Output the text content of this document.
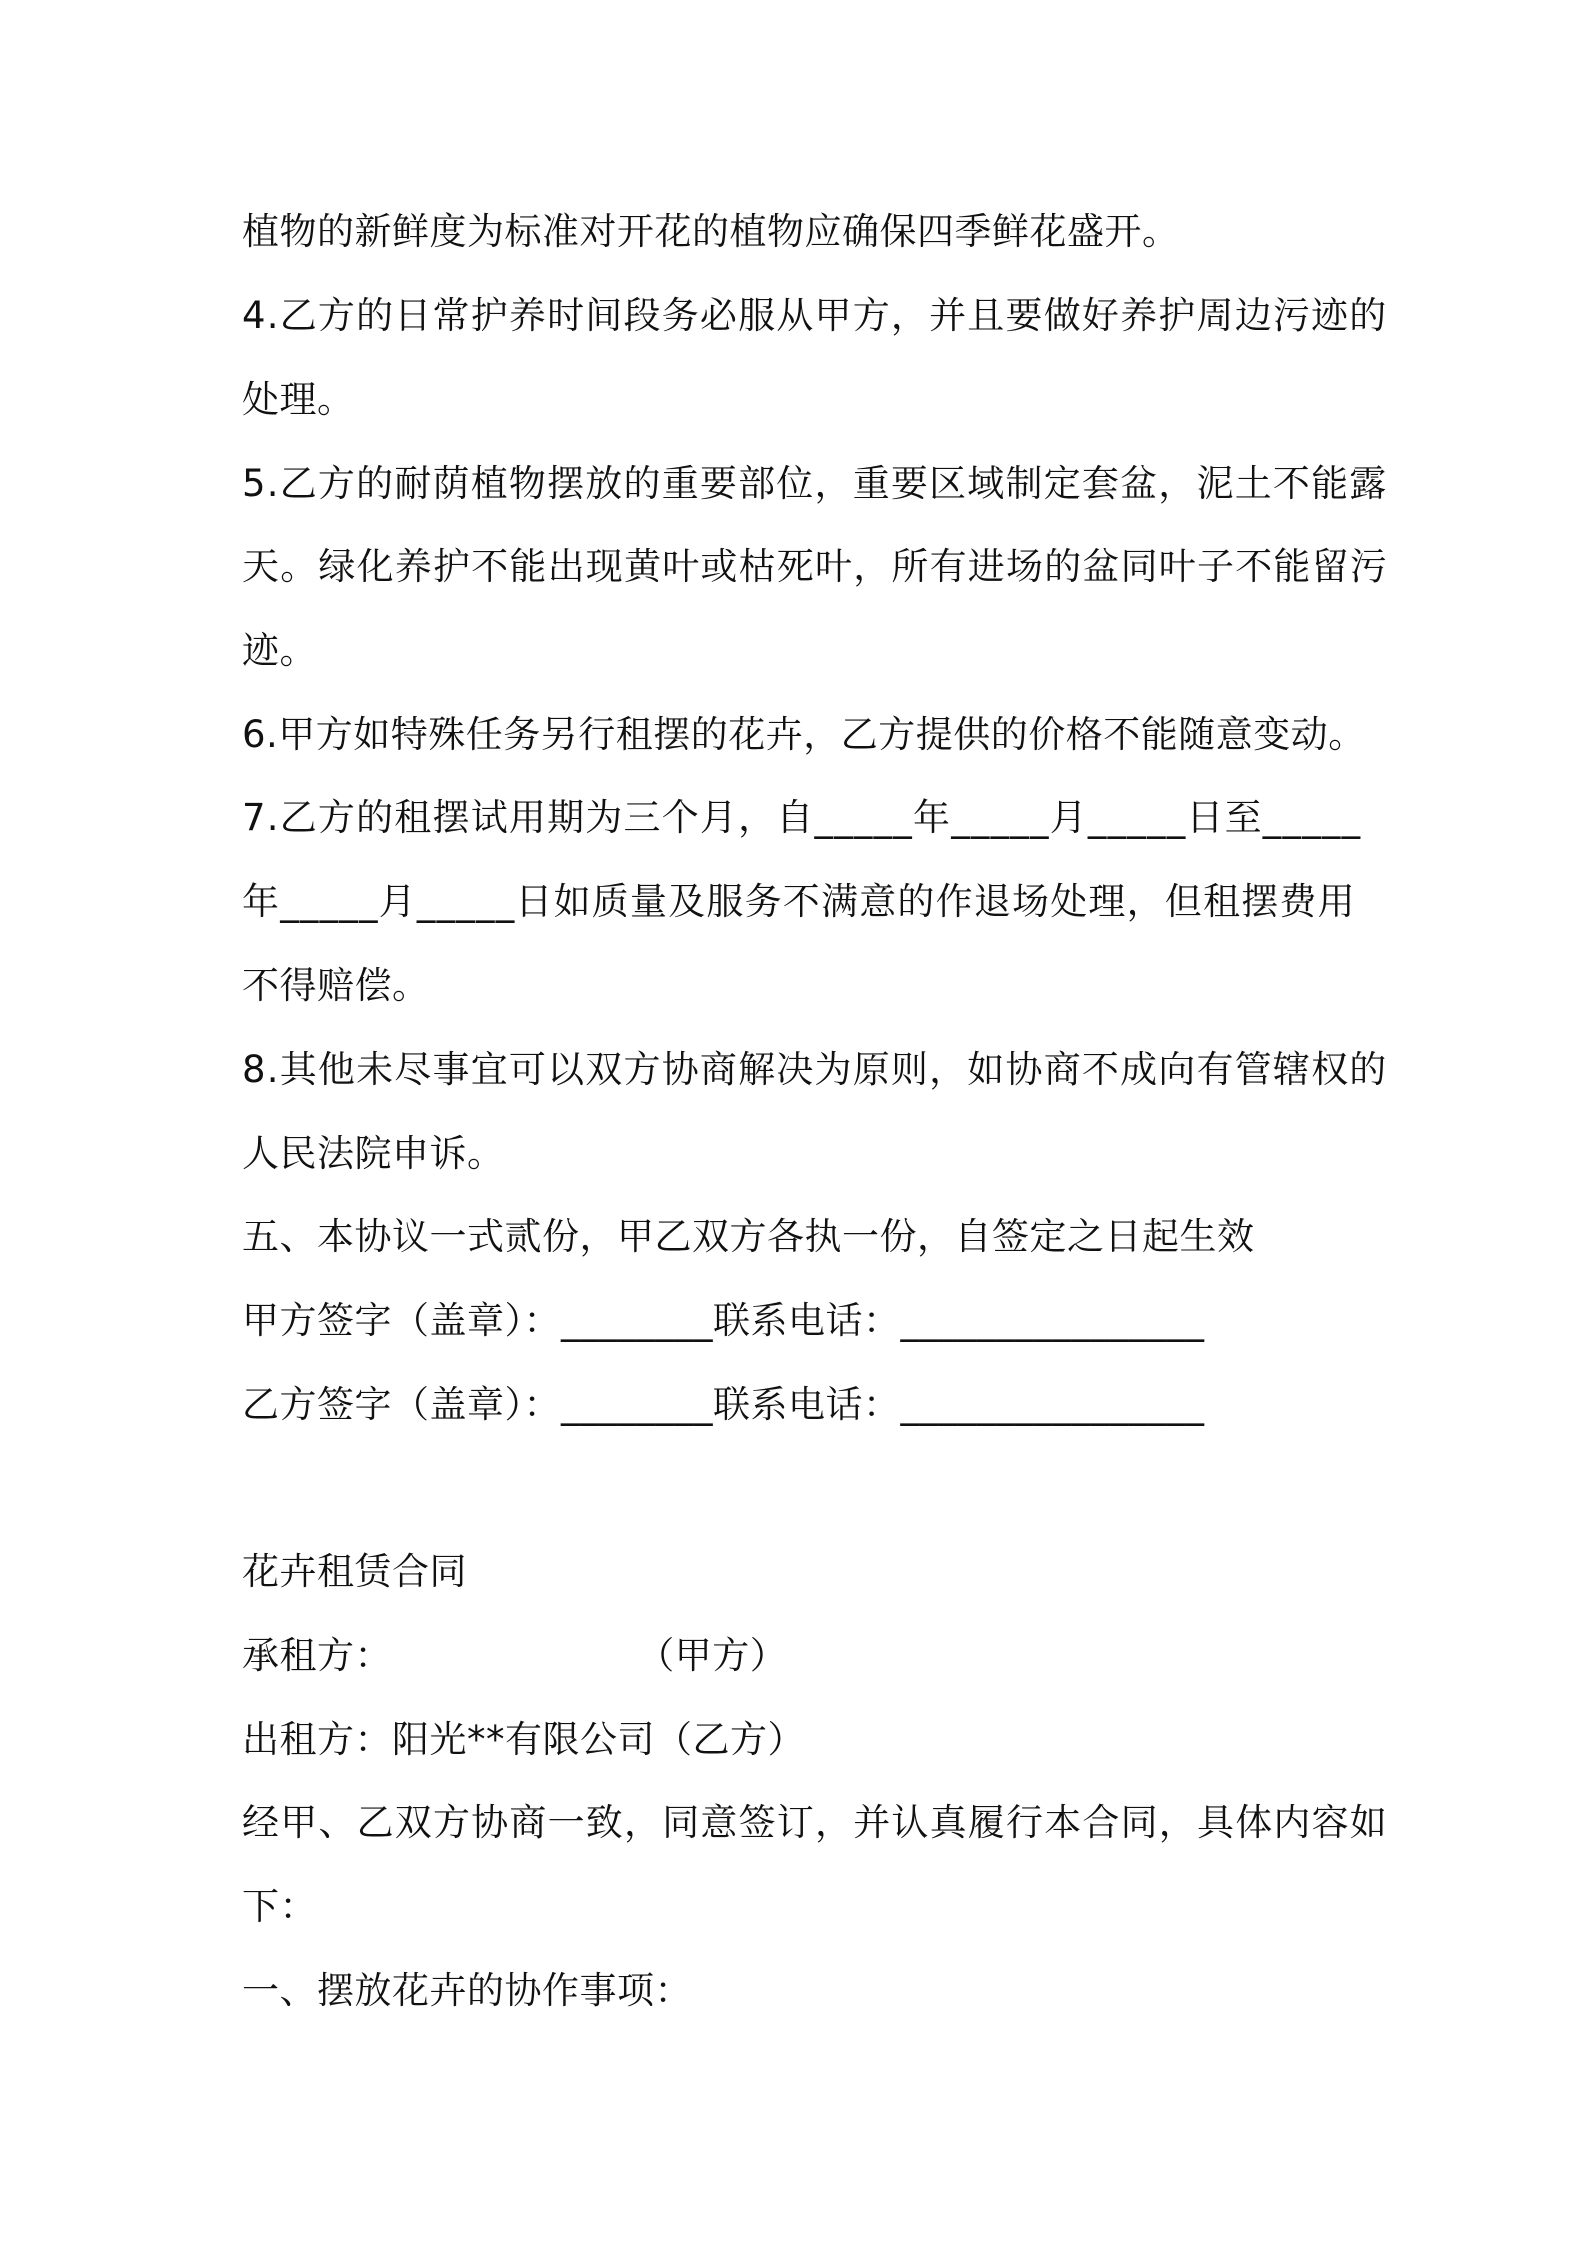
植物的新鲜度为标准对开花的植物应确保四季鲜花盛开。
4.乙方的日常护养时间段务必服从甲方，并且要做好养护周边污迹的
处理。
5.乙方的耐荫植物摆放的重要部位，重要区域制定套盆，泥土不能露
天。绿化养护不能出现黄叶或枯死叶，所有进场的盆同叶子不能留污
迹。
6.甲方如特殊任务另行租摆的花卉，乙方提供的价格不能随意变动。
7.乙方的租摆试用期为三个月，自_____年_____月_____日至_____
年_____月_____日如质量及服务不满意的作退场处理，但租摆费用
不得赔偿。
8.其他未尽事宜可以双方协商解决为原则，如协商不成向有管辖权的
人民法院申诉。
五、本协议一式贰份，甲乙双方各执一份，自签定之日起生效
甲方签字（盖章）：________联系电话：________________
乙方签字（盖章）：________联系电话：________________
花卉租赁合同
承租方：                    （甲方）
出租方：阳光**有限公司（乙方）
经甲、乙双方协商一致，同意签订，并认真履行本合同，具体内容如
下：
一、摆放花卉的协作事项：
